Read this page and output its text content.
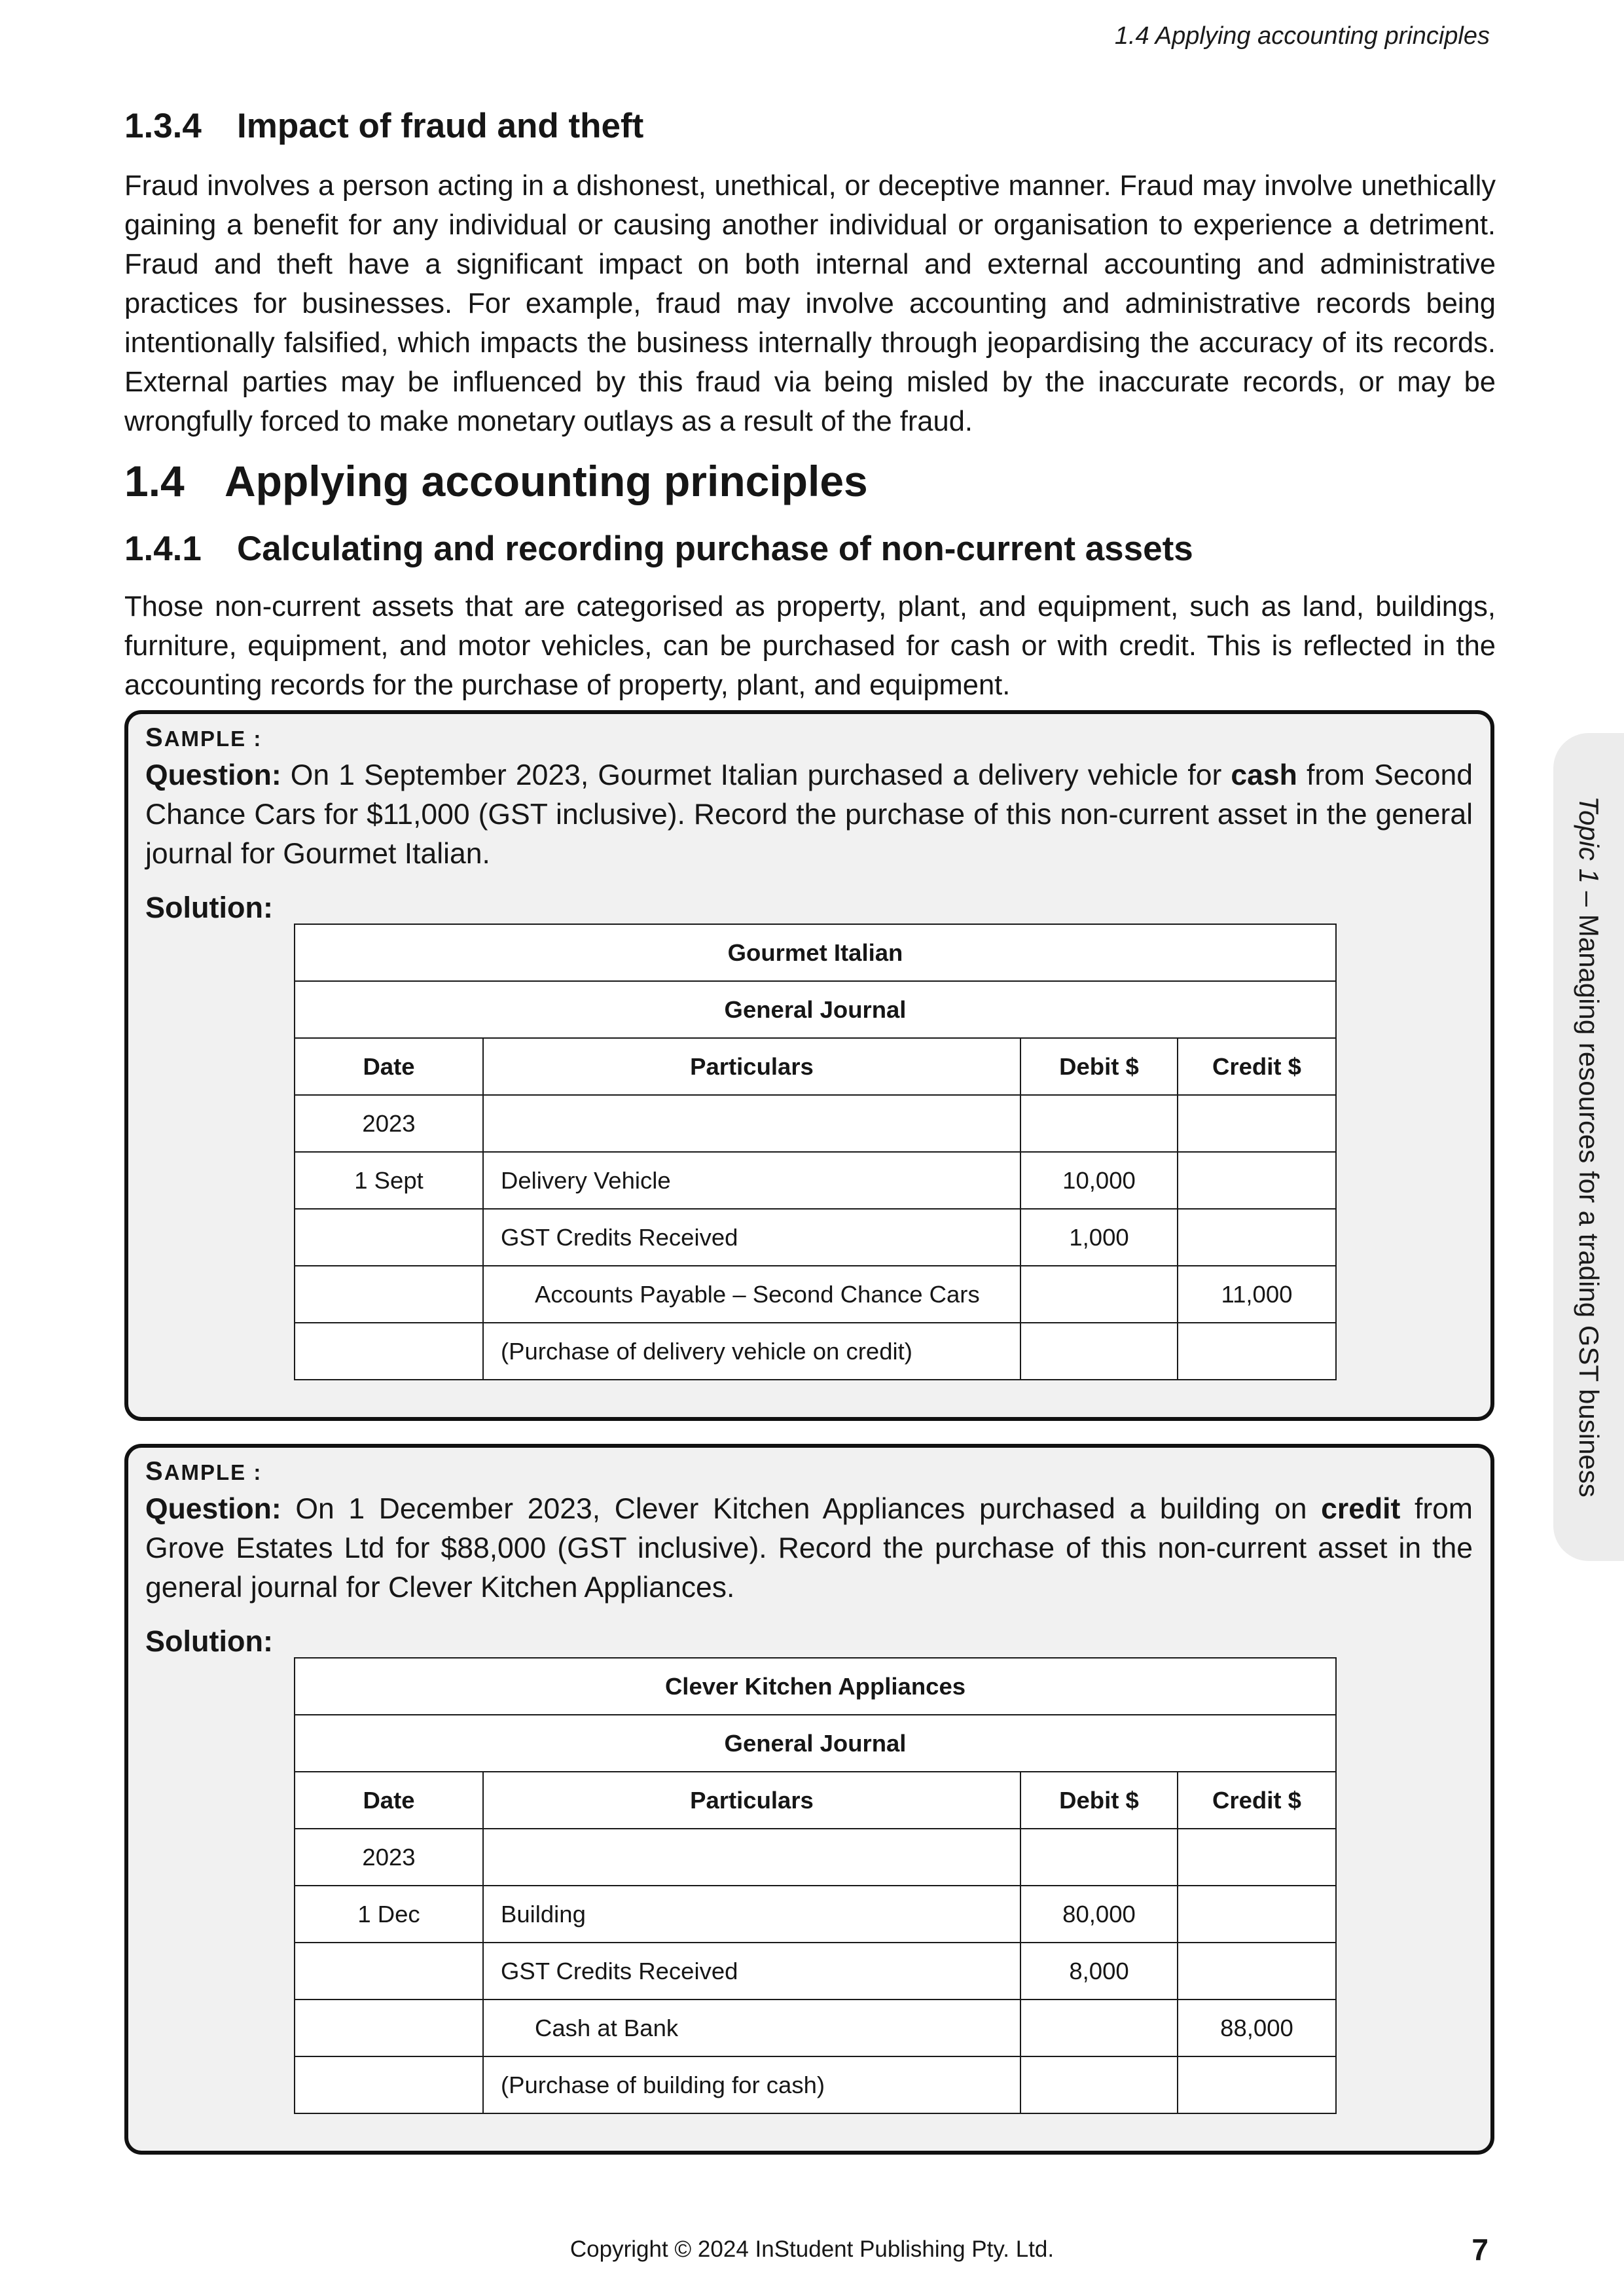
1.4 Applying accounting principles
1.3.4 Impact of fraud and theft

Fraud involves a person acting in a dishonest, unethical, or deceptive manner. Fraud may involve unethically gaining a benefit for any individual or causing another individual or organisation to experience a detriment. Fraud and theft have a significant impact on both internal and external accounting and administrative practices for businesses. For example, fraud may involve accounting and administrative records being intentionally falsified, which impacts the business internally through jeopardising the accuracy of its records. External parties may be influenced by this fraud via being misled by the inaccurate records, or may be wrongfully forced to make monetary outlays as a result of the fraud.

1.4 Applying accounting principles
1.4.1 Calculating and recording purchase of non-current assets

Those non-current assets that are categorised as property, plant, and equipment, such as land, buildings, furniture, equipment, and motor vehicles, can be purchased for cash or with credit. This is reflected in the accounting records for the purchase of property, plant, and equipment.

SAMPLE :

Question: On 1 September 2023, Gourmet Italian purchased a delivery vehicle for cash from Second Chance Cars for $11,000 (GST inclusive). Record the purchase of this non-current asset in the general journal for Gourmet Italian.

Solution:
Gourmet Italian			
General Journal			
Date	Particulars	Debit $	Credit $
2023			
1 Sept	Delivery Vehicle	10,000	
	GST Credits Received	1,000	
	Accounts Payable – Second Chance Cars		11,000
	(Purchase of delivery vehicle on credit)		
SAMPLE :

Question: On 1 December 2023, Clever Kitchen Appliances purchased a building on credit from Grove Estates Ltd for $88,000 (GST inclusive). Record the purchase of this non-current asset in the general journal for Clever Kitchen Appliances.

Solution:
Clever Kitchen Appliances			
General Journal			
Date	Particulars	Debit $	Credit $
2023			
1 Dec	Building	80,000	
	GST Credits Received	8,000	
	Cash at Bank		88,000
	(Purchase of building for cash)		
Topic 1 – Managing resources for a trading GST business
Copyright © 2024 InStudent Publishing Pty. Ltd.	7
